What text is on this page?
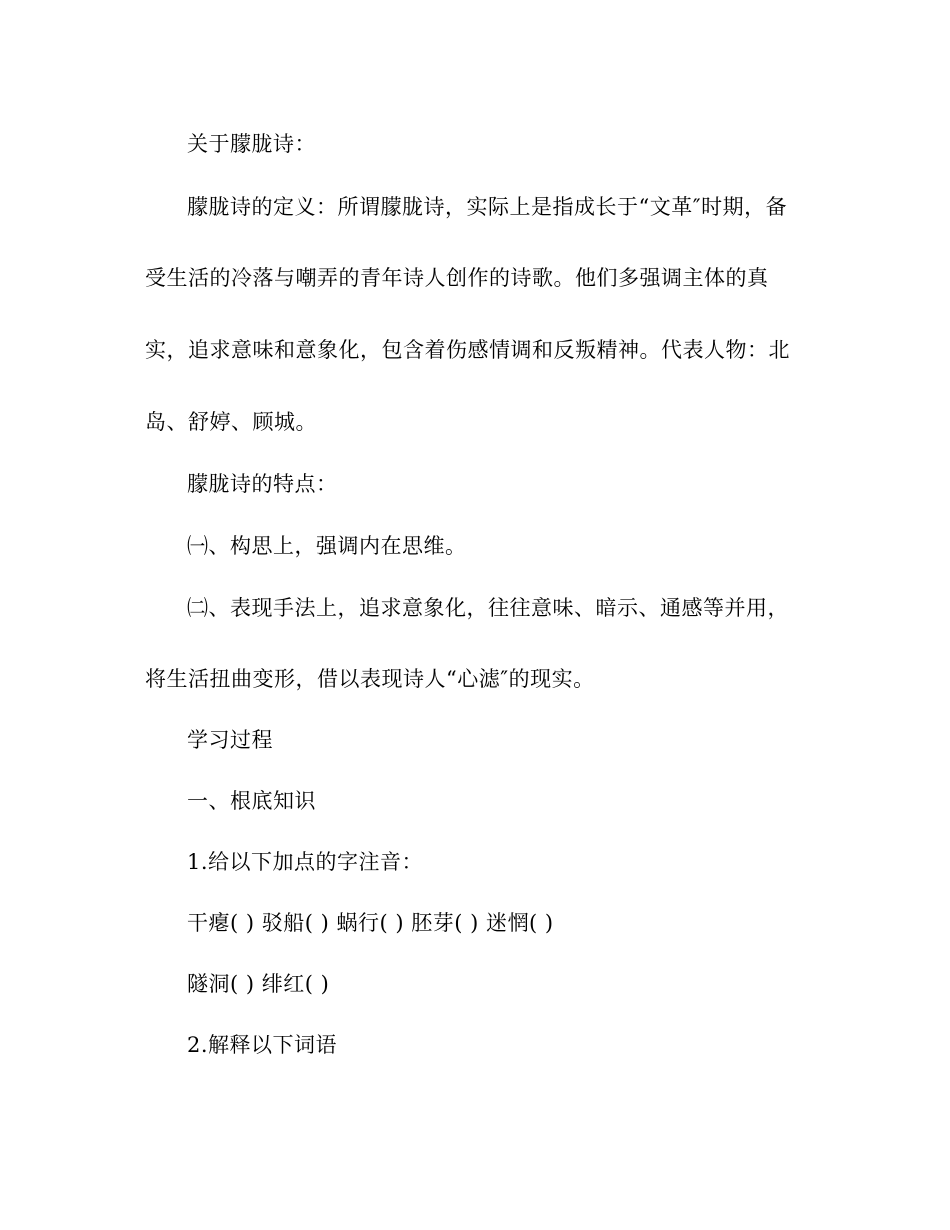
关于朦胧诗：
朦胧诗的定义：所谓朦胧诗，实际上是指成长于“文革″时期，备
受生活的冷落与嘲弄的青年诗人创作的诗歌。他们多强调主体的真
实，追求意味和意象化，包含着伤感情调和反叛精神。代表人物：北
岛、舒婷、顾城。
朦胧诗的特点：
㈠、构思上，强调内在思维。
㈡、表现手法上，追求意象化，往往意味、暗示、通感等并用，
将生活扭曲变形，借以表现诗人“心滤″的现实。
学习过程
一、根底知识
1.给以下加点的字注音：
干瘪( ) 驳船( ) 蜗行( ) 胚芽( ) 迷惘( )
隧洞( ) 绯红( )
2.解释以下词语
